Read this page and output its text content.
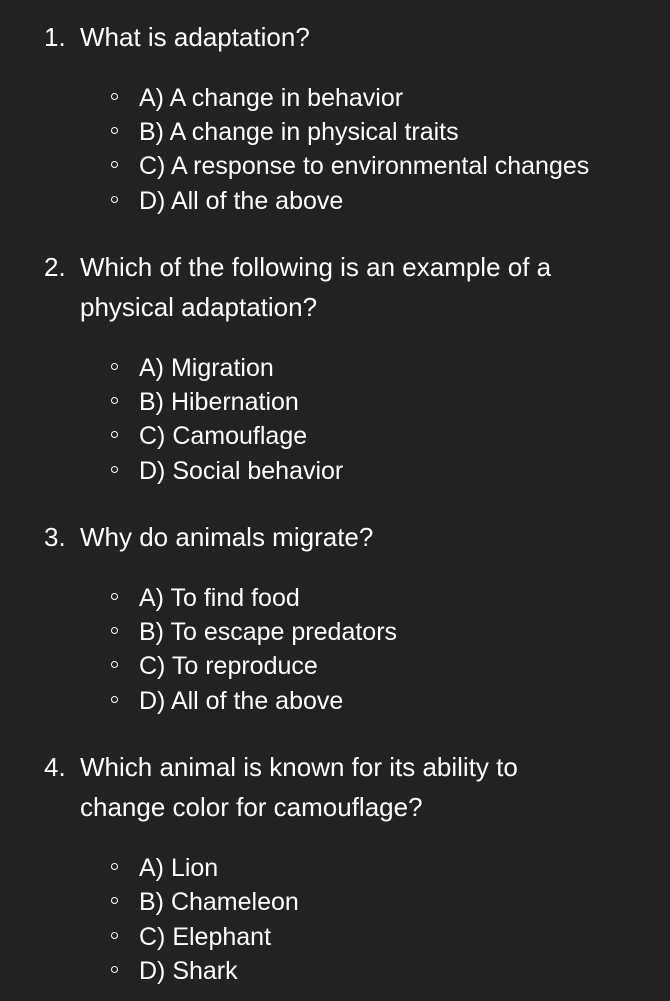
1. What is adaptation?
A) A change in behavior
B) A change in physical traits
C) A response to environmental changes
D) All of the above
2. Which of the following is an example of a
physical adaptation?
A) Migration
B) Hibernation
C) Camouflage
D) Social behavior
3. Why do animals migrate?
A) To find food
B) To escape predators
C) To reproduce
D) All of the above
4. Which animal is known for its ability to
change color for camouflage?
A) Lion
B) Chameleon
C) Elephant
D) Shark
